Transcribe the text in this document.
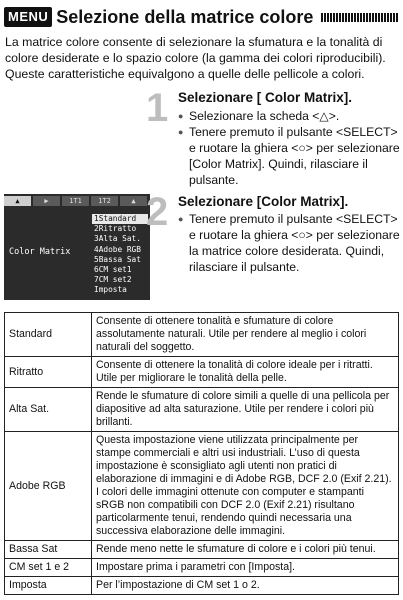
MENU Selezione della matrice colore
La matrice colore consente di selezionare la sfumatura e la tonalità di colore desiderate e lo spazio colore (la gamma dei colori riproducibili). Queste caratteristiche equivalgono a quelle delle pellicole a colori.
1 Selezionare [ Color Matrix].
● Selezionare la scheda <△>.
● Tenere premuto il pulsante <SELECT> e ruotare la ghiera <○> per selezionare [Color Matrix]. Quindi, rilasciare il pulsante.
▲	▶	1T1	1T2	▲
Color Matrix
1Standard
2Ritratto
3Alta Sat.
4Adobe RGB
5Bassa Sat
6CM set1
7CM set2
Imposta
2 Selezionare [Color Matrix].
● Tenere premuto il pulsante <SELECT> e ruotare la ghiera <○> per selezionare la matrice colore desiderata. Quindi, rilasciare il pulsante.
Standard	Consente di ottenere tonalità e sfumature di colore assolutamente naturali. Utile per rendere al meglio i colori naturali del soggetto.
Ritratto	Consente di ottenere la tonalità di colore ideale per i ritratti. Utile per migliorare le tonalità della pelle.
Alta Sat.	Rende le sfumature di colore simili a quelle di una pellicola per diapositive ad alta saturazione. Utile per rendere i colori più brillanti.
Adobe RGB	Questa impostazione viene utilizzata principalmente per stampe commerciali e altri usi industriali. L’uso di questa impostazione è sconsigliato agli utenti non pratici di elaborazione di immagini e di Adobe RGB, DCF 2.0 (Exif 2.21). I colori delle immagini ottenute con computer e stampanti sRGB non compatibili con DCF 2.0 (Exif 2.21) risultano particolarmente tenui, rendendo quindi necessaria una successiva elaborazione delle immagini.
Bassa Sat	Rende meno nette le sfumature di colore e i colori più tenui.
CM set 1 e 2	Impostare prima i parametri con [Imposta].
Imposta	Per l’impostazione di CM set 1 o 2.
